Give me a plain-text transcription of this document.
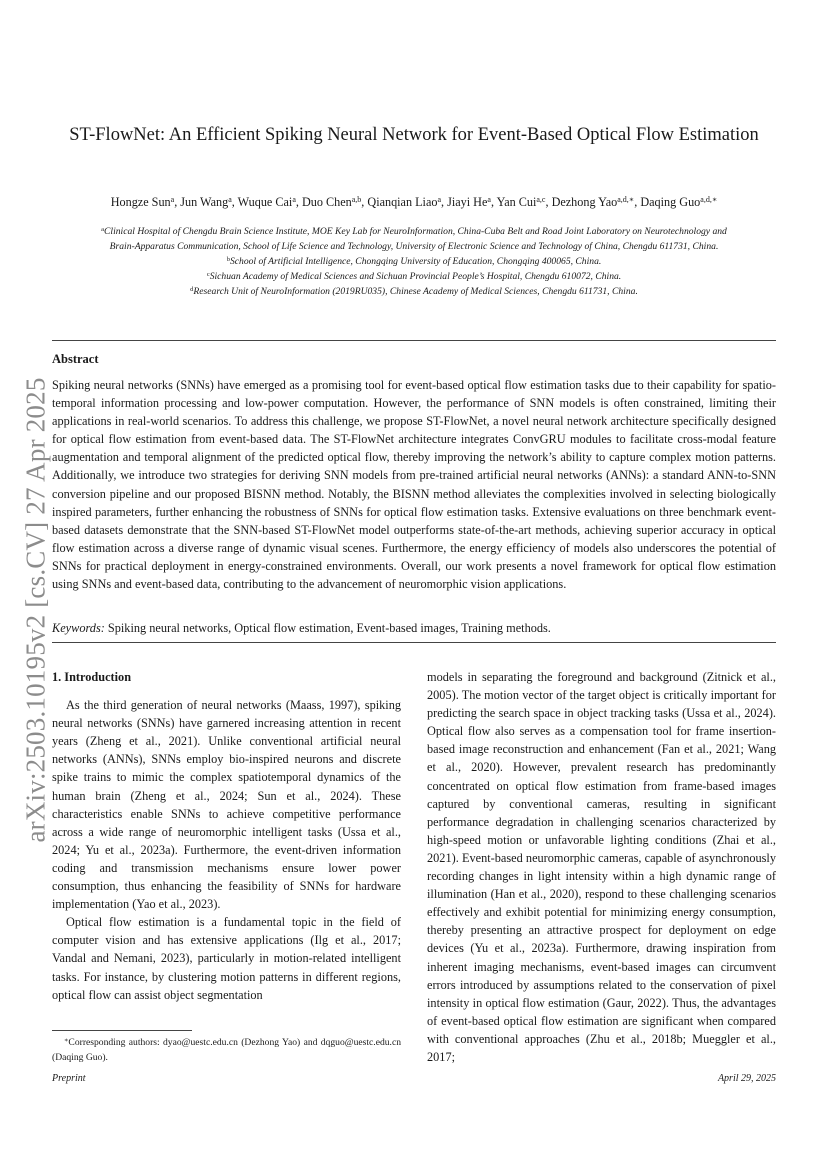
arXiv:2503.10195v2 [cs.CV] 27 Apr 2025
ST-FlowNet: An Efficient Spiking Neural Network for Event-Based Optical Flow Estimation
Hongze Sun$^a$, Jun Wang$^a$, Wuque Cai$^a$, Duo Chen$^{a,b}$, Qianqian Liao$^a$, Jiayi He$^a$, Yan Cui$^{a,c}$, Dezhong Yao$^{a,d,∗}$, Daqing Guo$^{a,d,∗}$
$^a$Clinical Hospital of Chengdu Brain Science Institute, MOE Key Lab for NeuroInformation, China-Cuba Belt and Road Joint Laboratory on Neurotechnology and
Brain-Apparatus Communication, School of Life Science and Technology, University of Electronic Science and Technology of China, Chengdu 611731, China.
$^b$School of Artificial Intelligence, Chongqing University of Education, Chongqing 400065, China.
$^c$Sichuan Academy of Medical Sciences and Sichuan Provincial People’s Hospital, Chengdu 610072, China.
$^d$Research Unit of NeuroInformation (2019RU035), Chinese Academy of Medical Sciences, Chengdu 611731, China.
Abstract

Spiking neural networks (SNNs) have emerged as a promising tool for event-based optical flow estimation tasks due to their capability for spatio-temporal information processing and low-power computation. However, the performance of SNN models is often constrained, limiting their applications in real-world scenarios. To address this challenge, we propose ST-FlowNet, a novel neural network architecture specifically designed for optical flow estimation from event-based data. The ST-FlowNet architecture integrates ConvGRU modules to facilitate cross-modal feature augmentation and temporal alignment of the predicted optical flow, thereby improving the network’s ability to capture complex motion patterns. Additionally, we introduce two strategies for deriving SNN models from pre-trained artificial neural networks (ANNs): a standard ANN-to-SNN conversion pipeline and our proposed BISNN method. Notably, the BISNN method alleviates the complexities involved in selecting biologically inspired parameters, further enhancing the robustness of SNNs for optical flow estimation tasks. Extensive evaluations on three benchmark event-based datasets demonstrate that the SNN-based ST-FlowNet model outperforms state-of-the-art methods, achieving superior accuracy in optical flow estimation across a diverse range of dynamic visual scenes. Furthermore, the energy efficiency of models also underscores the potential of SNNs for practical deployment in energy-constrained environments. Overall, our work presents a novel framework for optical flow estimation using SNNs and event-based data, contributing to the advancement of neuromorphic vision applications.

Keywords: Spiking neural networks, Optical flow estimation, Event-based images, Training methods.
1. Introduction

As the third generation of neural networks (Maass, 1997), spiking neural networks (SNNs) have garnered increasing attention in recent years (Zheng et al., 2021). Unlike conventional artificial neural networks (ANNs), SNNs employ bio-inspired neurons and discrete spike trains to mimic the complex spatiotemporal dynamics of the human brain (Zheng et al., 2024; Sun et al., 2024). These characteristics enable SNNs to achieve competitive performance across a wide range of neuromorphic intelligent tasks (Ussa et al., 2024; Yu et al., 2023a). Furthermore, the event-driven information coding and transmission mechanisms ensure lower power consumption, thus enhancing the feasibility of SNNs for hardware implementation (Yao et al., 2023).

Optical flow estimation is a fundamental topic in the field of computer vision and has extensive applications (Ilg et al., 2017; Vandal and Nemani, 2023), particularly in motion-related intelligent tasks. For instance, by clustering motion patterns in different regions, optical flow can assist object segmentation

models in separating the foreground and background (Zitnick et al., 2005). The motion vector of the target object is critically important for predicting the search space in object tracking tasks (Ussa et al., 2024). Optical flow also serves as a compensation tool for frame insertion-based image reconstruction and enhancement (Fan et al., 2021; Wang et al., 2020). However, prevalent research has predominantly concentrated on optical flow estimation from frame-based images captured by conventional cameras, resulting in significant performance degradation in challenging scenarios characterized by high-speed motion or unfavorable lighting conditions (Zhai et al., 2021). Event-based neuromorphic cameras, capable of asynchronously recording changes in light intensity within a high dynamic range of illumination (Han et al., 2020), respond to these challenging scenarios effectively and exhibit potential for minimizing energy consumption, thereby presenting an attractive prospect for deployment on edge devices (Yu et al., 2023a). Furthermore, drawing inspiration from inherent imaging mechanisms, event-based images can circumvent errors introduced by assumptions related to the conservation of pixel intensity in optical flow estimation (Gaur, 2022). Thus, the advantages of event-based optical flow estimation are significant when compared with conventional approaches (Zhu et al., 2018b; Mueggler et al., 2017;

∗Corresponding authors: dyao@uestc.edu.cn (Dezhong Yao) and dqguo@uestc.edu.cn (Daqing Guo).

Preprint	April 29, 2025
